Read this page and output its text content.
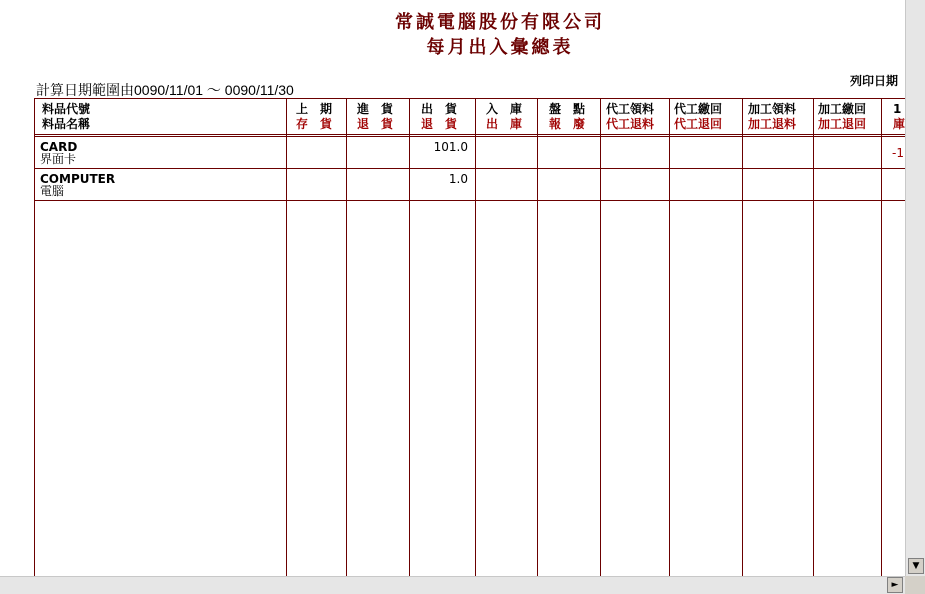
常誠電腦股份有限公司
每月出入彙總表
計算日期範圍由0090/11/01 ～ 0090/11/30
列印日期
料品代號
料品名稱
上　期
存　貨
進　貨
退　貨
出　貨
退　貨
入　庫
出　庫
盤　點
報　廢
代工領料
代工退料
代工繳回
代工退回
加工領料
加工退料
加工繳回
加工退回
1
庫
CARD
界面卡
101.0	-1
COMPUTER
電腦
1.0
▼
►
